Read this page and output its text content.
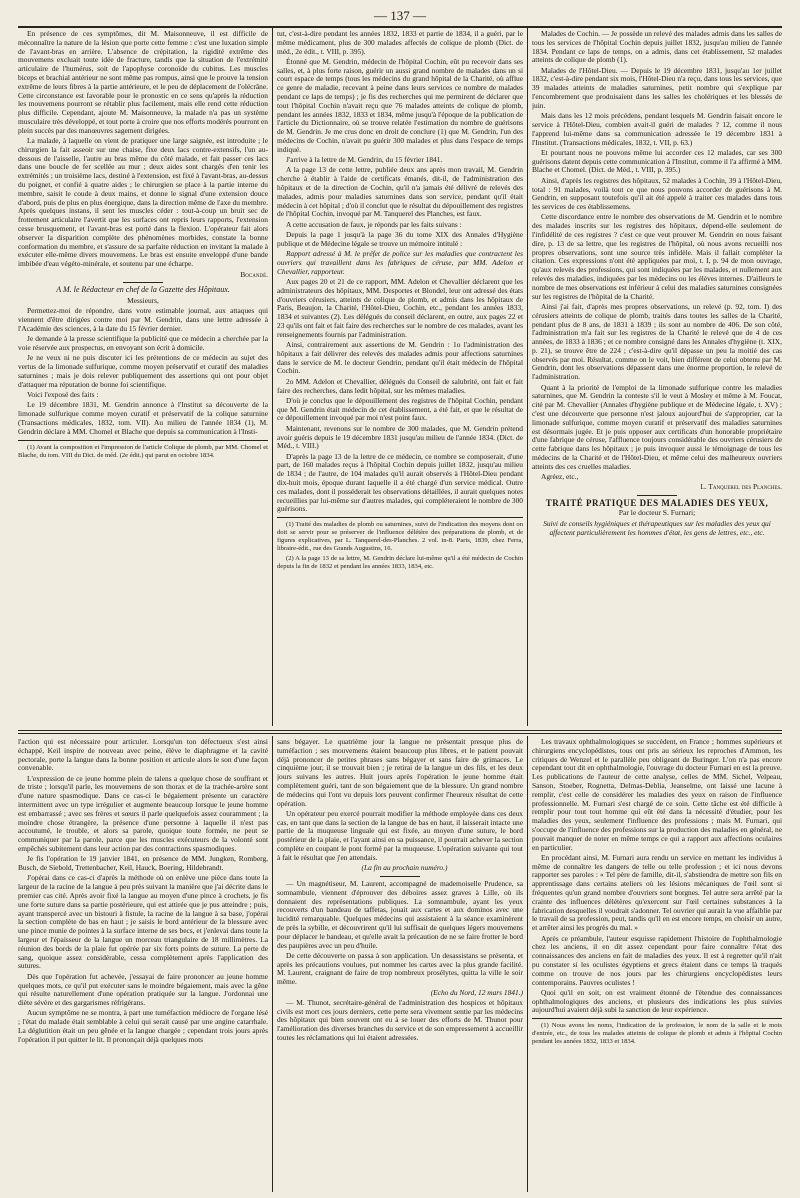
— 137 —

En présence de ces symptômes, dit M. Maisonneuve, il est difficile de méconnaître la nature de la lésion que porte cette femme : c'est une luxation simple de l'avant-bras en arrière. L'absence de crépitation, la rigidité extrême des mouvemens excluait toute idée de fracture, tandis que la situation de l'extrémité articulaire de l'humérus, soit de l'apophyse coronoïde du cubitus. Les muscles biceps et brachial antérieur ne sont même pas rompus, ainsi que le prouve la tension extrême de leurs fibres à la partie antérieure, et le peu de déplacement de l'olécrâne. Cette circonstance est favorable pour le pronostic en ce sens qu'après la réduction les mouvemens pourront se rétablir plus facilement, mais elle rend cette réduction plus difficile. Cependant, ajoute M. Maisonneuve, la malade n'a pas un système musculaire très développé, et tout porte à croire que nos efforts modérés pourront en plein succès par des manœuvres sagement dirigées.

La malade, à laquelle on vient de pratiquer une large saignée, est introduite ; le chirurgien la fait asseoir sur une chaise, fixe deux lacs contre-extensifs, l'un au-dessous de l'aisselle, l'autre au bras même du côté malade, et fait passer ces lacs dans une boucle de fer scellée au mur ; deux aides sont chargés d'en tenir les extrémités ; un troisième lacs, destiné à l'extension, est fixé à l'avant-bras, au-dessus du poignet, et confié à quatre aides ; le chirurgien se place à la partie interne du membre, saisit le coude à deux mains, et donne le signal d'une extension douce d'abord, puis de plus en plus énergique, dans la direction même de l'axe du membre. Après quelques instans, il sent les muscles céder : tout-à-coup un bruit sec de frottement articulaire l'avertit que les surfaces ont repris leurs rapports, l'extension cesse brusquement, et l'avant-bras est porté dans la flexion. L'opérateur fait alors observer la disparition complète des phénomènes morbides, constate la bonne conformation du membre, et s'assure de sa parfaite réduction en invitant la malade à exécuter elle-même divers mouvemens. Le bras est ensuite enveloppé d'une bande imbibée d'eau végéto-minérale, et soutenu par une écharpe.

Bocandé.
A M. le Rédacteur en chef de la Gazette des Hôpitaux.

Messieurs,

Permettez-moi de répondre, dans votre estimable journal, aux attaques qui viennent d'être dirigées contre moi par M. Gendrin, dans une lettre adressée à l'Académie des sciences, à la date du 15 février dernier.

Je demande à la presse scientifique la publicité que ce médecin a cherchée par la voie réservée aux prospectus, en envoyant son écrit à domicile.

Je ne veux ni ne puis discuter ici les prétentions de ce médecin au sujet des vertus de la limonade sulfurique, comme moyen préservatif et curatif des maladies saturnines ; mais je dois relever publiquement des assertions qui ont pour objet d'attaquer ma réputation de bonne foi scientifique.

Voici l'exposé des faits :

Le 19 décembre 1831, M. Gendrin annonce à l'Institut sa découverte de la limonade sulfurique comme moyen curatif et préservatif de la colique saturnine (Transactions médicales, 1832, tom. VII). Au milieu de l'année 1834 (1), M. Gendrin déclare à MM. Chomel et Blache que depuis sa communication à l'Insti-

(1) Avant la composition et l'impression de l'article Colique de plomb, par MM. Chomel et Blache, du tom. VIII du Dict. de méd. (2e édit.) qui parut en octobre 1834.

tut, c'est-à-dire pendant les années 1832, 1833 et partie de 1834, il a guéri, par le même médicament, plus de 300 malades affectés de colique de plomb (Dict. de méd., 2e édit., t. VIII, p. 395).

Étonné que M. Gendrin, médecin de l'hôpital Cochin, eût pu recevoir dans ses salles, et, à plus forte raison, guérir un aussi grand nombre de malades dans un si court espace de temps (tous les médecins du grand hôpital de la Charité, où afflue ce genre de maladie, recevant à peine dans leurs services ce nombre de malades pendant ce laps de temps) ; je fis des recherches qui me permirent de déclarer que tout l'hôpital Cochin n'avait reçu que 76 malades atteints de colique de plomb, pendant les années 1832, 1833 et 1834, même jusqu'à l'époque de la publication de l'article du Dictionnaire, où se trouve relatée l'estimation du nombre de guérisons de M. Gendrin. Je me crus donc en droit de conclure (1) que M. Gendrin, l'un des médecins de Cochin, n'avait pu guérir 300 malades et plus dans l'espace de temps indiqué.

J'arrive à la lettre de M. Gendrin, du 15 février 1841.

A la page 13 de cette lettre, publiée deux ans après mon travail, M. Gendrin cherche à établir à l'aide de certificats émanés, dit-il, de l'administration des hôpitaux et de la direction de Cochin, qu'il n'a jamais été délivré de relevés des malades, admis pour maladies saturnines dans son service, pendant qu'il était médecin à cet hôpital ; d'où il conclut que le résultat du dépouillement des registres de l'hôpital Cochin, invoqué par M. Tanquerel des Planches, est faux.

A cette accusation de faux, je réponds par les faits suivans :

Depuis la page 1 jusqu'à la page 36 du tome XIX des Annales d'Hygiène publique et de Médecine légale se trouve un mémoire intitulé :

Rapport adressé à M. le préfet de police sur les maladies que contractent les ouvriers qui travaillent dans les fabriques de céruse, par MM. Adelon et Chevallier, rapporteur.

Aux pages 20 et 21 de ce rapport, MM. Adelon et Chevallier déclarent que les administrateurs des hôpitaux, MM. Desportes et Blondel, leur ont adressé des états d'ouvriers cérusiers, atteints de colique de plomb, et admis dans les hôpitaux de Paris, Beaujon, la Charité, l'Hôtel-Dieu, Cochin, etc., pendant les années 1833, 1834 et suivantes (2). Les délégués du conseil déclarent, en outre, aux pages 22 et 23 qu'ils ont fait et fait faire des recherches sur le nombre de ces malades, avant les renseignements fournis par l'administration.

Ainsi, contrairement aux assertions de M. Gendrin : 1o l'administration des hôpitaux a fait délivrer des relevés des malades admis pour affections saturnines dans le service de M. le docteur Gendrin, pendant qu'il était médecin de l'hôpital Cochin.

2o MM. Adelon et Chevallier, délégués du Conseil de salubrité, ont fait et fait faire des recherches, dans ledit hôpital, sur les mêmes maladies.

D'où je conclus que le dépouillement des registres de l'hôpital Cochin, pendant que M. Gendrin était médecin de cet établissement, a été fait, et que le résultat de ce dépouillement invoqué par moi n'est point faux.

Maintenant, revenons sur le nombre de 300 malades, que M. Gendrin prétend avoir guéris depuis le 19 décembre 1831 jusqu'au milieu de l'année 1834. (Dict. de Méd., t. VIII.)

D'après la page 13 de la lettre de ce médecin, ce nombre se composerait, d'une part, de 160 malades reçus à l'hôpital Cochin depuis juillet 1832, jusqu'au milieu de 1834 ; de l'autre, de 104 malades qu'il aurait observés à l'Hôtel-Dieu pendant dix-huit mois, époque durant laquelle il a été chargé d'un service médical. Outre ces malades, dont il posséderait les observations détaillées, il aurait quelques notes recueillies par lui-même sur d'autres malades, qui compléteraient le nombre de 300 guérisons.

(1) Traité des maladies de plomb ou saturnines, suivi de l'indication des moyens dont on doit se servir pour se préserver de l'influence délétère des préparations de plomb, et de figures explicatives, par L. Tanquerel-des-Planches. 2 vol. in-8. Paris, 1839, chez Ferra, libraire-édit., rue des Grands Augustins, 16.

(2) A la page 13 de sa lettre, M. Gendrin déclare lui-même qu'il a été médecin de Cochin depuis la fin de 1832 et pendant les années 1833, 1834, etc.

Malades de Cochin. — Je possède un relevé des malades admis dans les salles de tous les services de l'hôpital Cochin depuis juillet 1832, jusqu'au milieu de l'année 1834. Pendant ce laps de temps, on a admis, dans cet établissement, 52 malades atteints de colique de plomb (1).

Malades de l'Hôtel-Dieu. — Depuis le 19 décembre 1831, jusqu'au 1er juillet 1832, c'est-à-dire pendant six mois, l'Hôtel-Dieu n'a reçu, dans tous les services, que 39 malades atteints de maladies saturnines, petit nombre qui s'explique par l'encombrement que produisaient dans les salles les cholériques et les blessés de juin.

Mais dans les 12 mois précédens, pendant lesquels M. Gendrin faisait encore le service à l'Hôtel-Dieu, combien avait-il guéri de malades ? 12, comme il nous l'apprend lui-même dans sa communication adressée le 19 décembre 1831 à l'Institut. (Transactions médicales, 1832, t. VII, p. 63.)

Et pourtant nous ne pouvons même lui accorder ces 12 malades, car ses 300 guérisons datent depuis cette communication à l'Institut, comme il l'a affirmé à MM. Blache et Chomel. (Dict. de Méd., t. VIII, p. 395.)

Ainsi, d'après les registres des hôpitaux, 52 malades à Cochin, 39 à l'Hôtel-Dieu, total : 91 malades, voilà tout ce que nous pouvons accorder de guérisons à M. Gendrin, en supposant toutefois qu'il ait été appelé à traiter ces malades dans tous les services de ces établissemens.

Cette discordance entre le nombre des observations de M. Gendrin et le nombre des malades inscrits sur les registres des hôpitaux, dépend-elle seulement de l'infidélité de ces registres ? c'est ce que veut prouver M. Gendrin en nous faisant dire, p. 13 de sa lettre, que les registres de l'hôpital, où nous avons recueilli nos propres observations, sont une source très infidèle. Mais il fallait compléter la citation. Ces expressions n'ont été appliquées par moi, t. I, p. 94 de mon ouvrage, qu'aux relevés des professions, qui sont indiquées par les malades, et nullement aux relevés des maladies, indiquées par les médecins ou les élèves internes. D'ailleurs le nombre de mes observations est inférieur à celui des maladies saturnines consignées sur les registres de l'hôpital de la Charité.

Ainsi j'ai fait, d'après mes propres observations, un relevé (p. 92, tom. I) des cérusiers atteints de colique de plomb, traités dans toutes les salles de la Charité, pendant plus de 8 ans, de 1831 à 1839 ; ils sont au nombre de 406. De son côté, l'administration m'a fait sur les registres de la Charité le relevé que de 4 de ces années, de 1833 à 1836 ; et ce nombre consigné dans les Annales d'hygiène (t. XIX, p. 21), se trouve être de 224 ; c'est-à-dire qu'il dépasse un peu la moitié des cas observés par moi. Résultat, comme on le voit, bien différent de celui obtenu par M. Gendrin, dont les observations dépassent dans une énorme proportion, le relevé de l'administration.

Quant à la priorité de l'emploi de la limonade sulfurique contre les maladies saturnines, que M. Gendrin la conteste s'il le veut à Mosley et même à M. Foucat, cité par M. Chevallier (Annales d'hygiène publique et de Médecine légale, t. XV) ; c'est une découverte que personne n'est jaloux aujourd'hui de s'approprier, car la limonade sulfurique, comme moyen curatif et préservatif des maladies saturnines est désormais jugée. Et je puis opposer aux certificats d'un honorable propriétaire d'une fabrique de céruse, l'affluence toujours considérable des ouvriers cérusiers de cette fabrique dans les hôpitaux ; je puis invoquer aussi le témoignage de tous les médecins de la Charité et de l'Hôtel-Dieu, et même celui des malheureux ouvriers atteints des ces cruelles maladies.

Agréez, etc.,

L. Tanquerel des Planches.
TRAITÉ PRATIQUE DES MALADIES DES YEUX,
Par le docteur S. Furnari;

Suivi de conseils hygiéniques et thérapeutiques sur les maladies des yeux qui affectent particulièrement les hommes d'état, les gens de lettres, etc., etc.

l'action qui est nécessaire pour articuler. Lorsqu'un ton défectueux s'est ainsi échappé, Keil inspire de nouveau avec peine, élève le diaphragme et la cavité pectorale, porte la langue dans la bonne position et articule alors le son d'une façon convenable.

L'expression de ce jeune homme plein de talens a quelque chose de souffrant et de triste ; lorsqu'il parle, les mouvemens de son thorax et de la trachée-artère sont d'une nature spasmodique. Dans ce cas-ci le bégaiement présente un caractère intermittent avec un type irrégulier et augmente beaucoup lorsque le jeune homme est embarrassé ; avec ses frères et sœurs il parle quelquefois assez couramment ; la moindre chose étrangère, la présence d'une personne à laquelle il n'est pas accoutumé, le trouble, et alors sa parole, quoique toute formée, ne peut se communiquer par la parole, parce que les muscles exécuteurs de la volonté sont empêchés subitement dans leur action par des contractions spasmodiques.

Je fis l'opération le 19 janvier 1841, en présence de MM. Jungken, Romberg, Busch, de Siebold, Trettenbacher, Keil, Hauck, Boering, Hildebrandt.

J'opérai dans ce cas-ci d'après la méthode où on enlève une pièce dans toute la largeur de la racine de la langue à peu près suivant la manière que j'ai décrite dans le premier cas cité. Après avoir fixé la langue au moyen d'une pince à crochets, je fis une forte suture dans sa partie postérieure, qui est attirée que je pus atteindre ; puis, ayant transpercé avec un bistouri à fistule, la racine de la langue à sa base, j'opérai la section complète de bas en haut ; je saisis le bord antérieur de la blessure avec une pince munie de pointes à la surface interne de ses becs, et j'enlevai dans toute la largeur et l'épaisseur de la langue un morceau triangulaire de 18 millimètres. La réunion des bords de la plaie fut opérée par six forts points de suture. La perte de sang, quoique assez considérable, cessa complètement après l'application des sutures.

Dès que l'opération fut achevée, j'essayai de faire prononcer au jeune homme quelques mots, ce qu'il put exécuter sans le moindre bégaiement, mais avec la gêne qui résulte naturellement d'une opération pratiquée sur la langue. J'ordonnai une diète sévère et des gargarismes réfrigérans.

Aucun symptôme ne se montra, à part une tuméfaction médiocre de l'organe lésé ; l'état du malade était semblable à celui qui serait causé par une angine catarrhale. La déglutition était un peu gênée et la langue chargée ; cependant trois jours après l'opération il put quitter le lit. Il prononçait déjà quelques mots

sans bégayer. Le quatrième jour la langue ne présentait presque plus de tuméfaction ; ses mouvemens étaient beaucoup plus libres, et le patient pouvait déjà prononcer de petites phrases sans bégayer et sans faire de grimaces. Le cinquième jour, il se trouvait bien ; je retirai de la langue un des fils, et les deux jours suivans les autres. Huit jours après l'opération le jeune homme était complètement guéri, tant de son bégaiement que de la blessure. Un grand nombre de médecins qui l'ont vu depuis lors peuvent confirmer l'heureux résultat de cette opération.

Un opérateur peu exercé pourrait modifier la méthode employée dans ces deux cas, en tant que dans la section de la langue de bas en haut, il laisserait intacte une partie de la muqueuse linguale qui est fixée, au moyen d'une suture, le bord postérieur de la plaie, et l'ayant ainsi en sa puissance, il pourrait achever la section complète en coupant le pont formé par la muqueuse. L'opération suivante qui tout à fait le résultat que j'en attendais.

(La fin au prochain numéro.)

— Un magnétiseur, M. Laurent, accompagné de mademoiselle Prudence, sa somnambule, viennent d'éprouver des déboires assez graves à Lille, où ils donnaient des représentations publiques. La somnambule, ayant les yeux recouverts d'un bandeau de taffetas, jouait aux cartes et aux dominos avec une lucidité remarquable. Quelques médecins qui assistaient à la séance examinèrent de près la sybille, et découvrirent qu'il lui suffisait de quelques légers mouvemens pour déplacer le bandeau, et qu'elle avait la précaution de ne se faire frotter le bord des paupières avec un peu d'huile.

De cette découverte on passa à son application. Un desassistans se présenta, et après les précautions voulues, put nommer les cartes avec la plus grande facilité. M. Laurent, craignant de faire de trop nombreux prosélytes, quitta la ville le soir même.

(Echo du Nord, 12 mars 1841.)

— M. Thunot, secrétaire-général de l'administration des hospices et hôpitaux civils est mort ces jours derniers, cette perte sera vivement sentie par les médecins des hôpitaux qui bien souvent ont eu à se louer des efforts de M. Thunot pour l'amélioration des diverses branches du service et de son empressement à accueillir toutes les réclamations qui lui étaient adressées.

Les travaux ophthalmologiques se succèdent, en France ; hommes supérieurs et chirurgiens encyclopédistes, tous ont pris au sérieux les reproches d'Ammon, les critiques de Wenzel et le parallèle peu obligeant de Buringer. L'on n'a pas encore cependant tout dit en ophthalmologie, l'ouvrage du docteur Furnari en est la preuve. Les publications de l'auteur de cette analyse, celles de MM. Sichel, Velpeau, Sanson, Stoeber, Rognetta, Delmas-Deblia, Jeanselme, ont laissé une lacune à remplir, c'est celle de considérer les maladies des yeux en raison de l'influence professionnelle. M. Furnari s'est chargé de ce soin. Cette tâche est été difficile à remplir pour tout tout homme qui eût été dans la nécessité d'étudier, pour les maladies des yeux, seulement l'influence des professions ; mais M. Furnari, qui s'occupe de l'influence des professions sur la production des maladies en général, ne pouvait manquer de noter en même temps ce qui a rapport aux affections oculaires en particulier.

En procédant ainsi, M. Furnari aura rendu un service en mettant les individus à même de connaître les dangers de telle ou telle profession ; et ici nous devons rapporter ses paroles : « Tel père de famille, dit-il, s'abstiendra de mettre son fils en apprentissage dans certains ateliers où les lésions mécaniques de l'œil sont si fréquentes qu'un grand nombre d'ouvriers sont borgnes. Tel autre sera arrêté par la crainte des influences délétères qu'exercent sur l'œil certaines substances à la fabrication desquelles il voudrait s'adonner. Tel ouvrier qui aurait la vue affaiblie par le travail de sa profession, peut, tandis qu'il en est encore temps, en choisir un autre, et arrêter ainsi les progrès du mal. »

Après ce préambule, l'auteur esquisse rapidement l'histoire de l'ophthalmologie chez les anciens, il en dit assez cependant pour faire connaître l'état des connaissances des anciens en fait de maladies des yeux. Il est à regretter qu'il n'ait pu constater si les oculistes égyptiens et grecs étaient dans ce temps là traqués comme on trouve de nos jours par les chirurgiens encyclopédistes leurs contemporains. Pauvres oculistes !

Quoi qu'il en soit, on est vraiment étonné de l'étendue des connaissances ophthalmologiques des anciens, et plusieurs des indications les plus suivies aujourd'hui avaient déjà subi la sanction de leur expérience.

(1) Nous avons les noms, l'indication de la profession, le nom de la salle et le mois d'entrée, etc., de tous les malades atteints de colique de plomb et admis à l'hôpital Cochin pendant les années 1832, 1833 et 1834.
